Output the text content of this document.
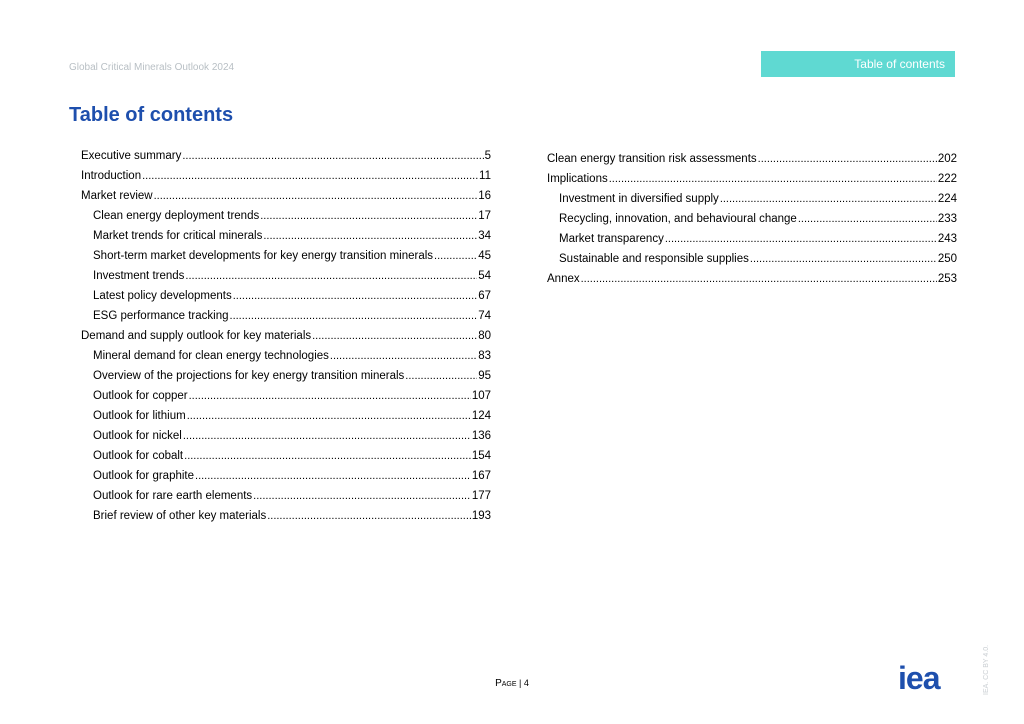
Global Critical Minerals Outlook 2024	Table of contents
Table of contents
Executive summary .....	5
Introduction .....	11
Market review .....	16
Clean energy deployment trends .....	17
Market trends for critical minerals .....	34
Short-term market developments for key energy transition minerals .....	45
Investment trends .....	54
Latest policy developments .....	67
ESG performance tracking .....	74
Demand and supply outlook for key materials .....	80
Mineral demand for clean energy technologies .....	83
Overview of the projections for key energy transition minerals .....	95
Outlook for copper .....	107
Outlook for lithium .....	124
Outlook for nickel .....	136
Outlook for cobalt .....	154
Outlook for graphite .....	167
Outlook for rare earth elements .....	177
Brief review of other key materials .....	193
Clean energy transition risk assessments .....	202
Implications .....	222
Investment in diversified supply .....	224
Recycling, innovation, and behavioural change .....	233
Market transparency .....	243
Sustainable and responsible supplies .....	250
Annex .....	253
Page | 4	iea	IEA. CC BY 4.0.
